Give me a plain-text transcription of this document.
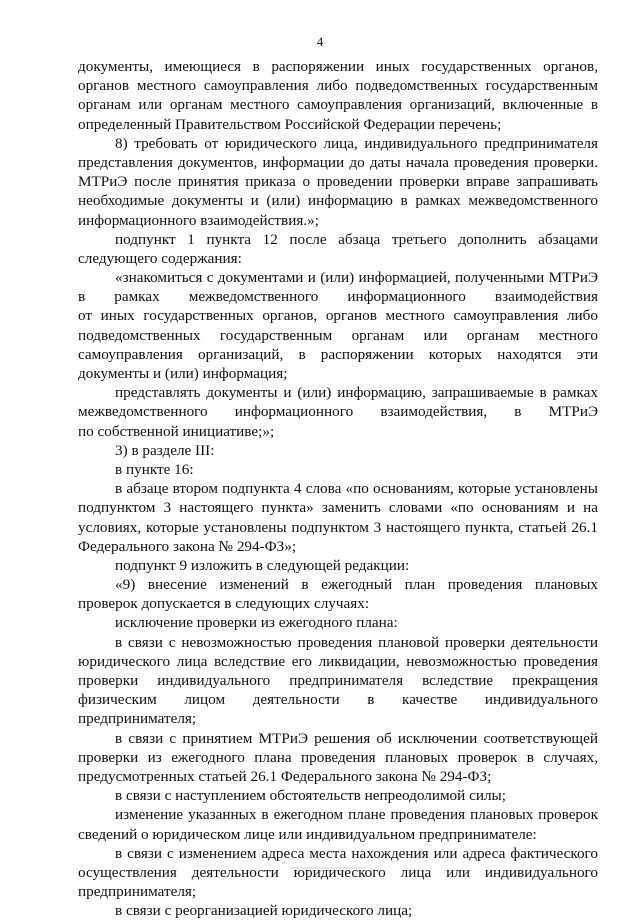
4
документы, имеющиеся в распоряжении иных государственных органов,
органов местного самоуправления либо подведомственных государственным
органам или органам местного самоуправления организаций, включенные в
определенный Правительством Российской Федерации перечень;
8) требовать от юридического лица, индивидуального предпринимателя
представления документов, информации до даты начала проведения проверки.
МТРиЭ после принятия приказа о проведении проверки вправе запрашивать
необходимые документы и (или) информацию в рамках межведомственного
информационного взаимодействия.»;
подпункт 1 пункта 12 после абзаца третьего дополнить абзацами
следующего содержания:
«знакомиться с документами и (или) информацией, полученными МТРиЭ
в рамках межведомственного информационного взаимодействия
от иных государственных органов, органов местного самоуправления либо
подведомственных государственным органам или органам местного
самоуправления организаций, в распоряжении которых находятся эти
документы и (или) информация;
представлять документы и (или) информацию, запрашиваемые в рамках
межведомственного информационного взаимодействия, в МТРиЭ
по собственной инициативе;»;
3) в разделе III:
в пункте 16:
в абзаце втором подпункта 4 слова «по основаниям, которые установлены
подпунктом 3 настоящего пункта» заменить словами «по основаниям и на
условиях, которые установлены подпунктом 3 настоящего пункта, статьей 26.1
Федерального закона № 294-ФЗ»;
подпункт 9 изложить в следующей редакции:
«9) внесение изменений в ежегодный план проведения плановых
проверок допускается в следующих случаях:
исключение проверки из ежегодного плана:
в связи с невозможностью проведения плановой проверки деятельности
юридического лица вследствие его ликвидации, невозможностью проведения
проверки индивидуального предпринимателя вследствие прекращения
физическим лицом деятельности в качестве индивидуального
предпринимателя;
в связи с принятием МТРиЭ решения об исключении соответствующей
проверки из ежегодного плана проведения плановых проверок в случаях,
предусмотренных статьей 26.1 Федерального закона № 294-ФЗ;
в связи с наступлением обстоятельств непреодолимой силы;
изменение указанных в ежегодном плане проведения плановых проверок
сведений о юридическом лице или индивидуальном предпринимателе:
в связи с изменением адреса места нахождения или адреса фактического
осуществления деятельности юридического лица или индивидуального
предпринимателя;
в связи с реорганизацией юридического лица;
